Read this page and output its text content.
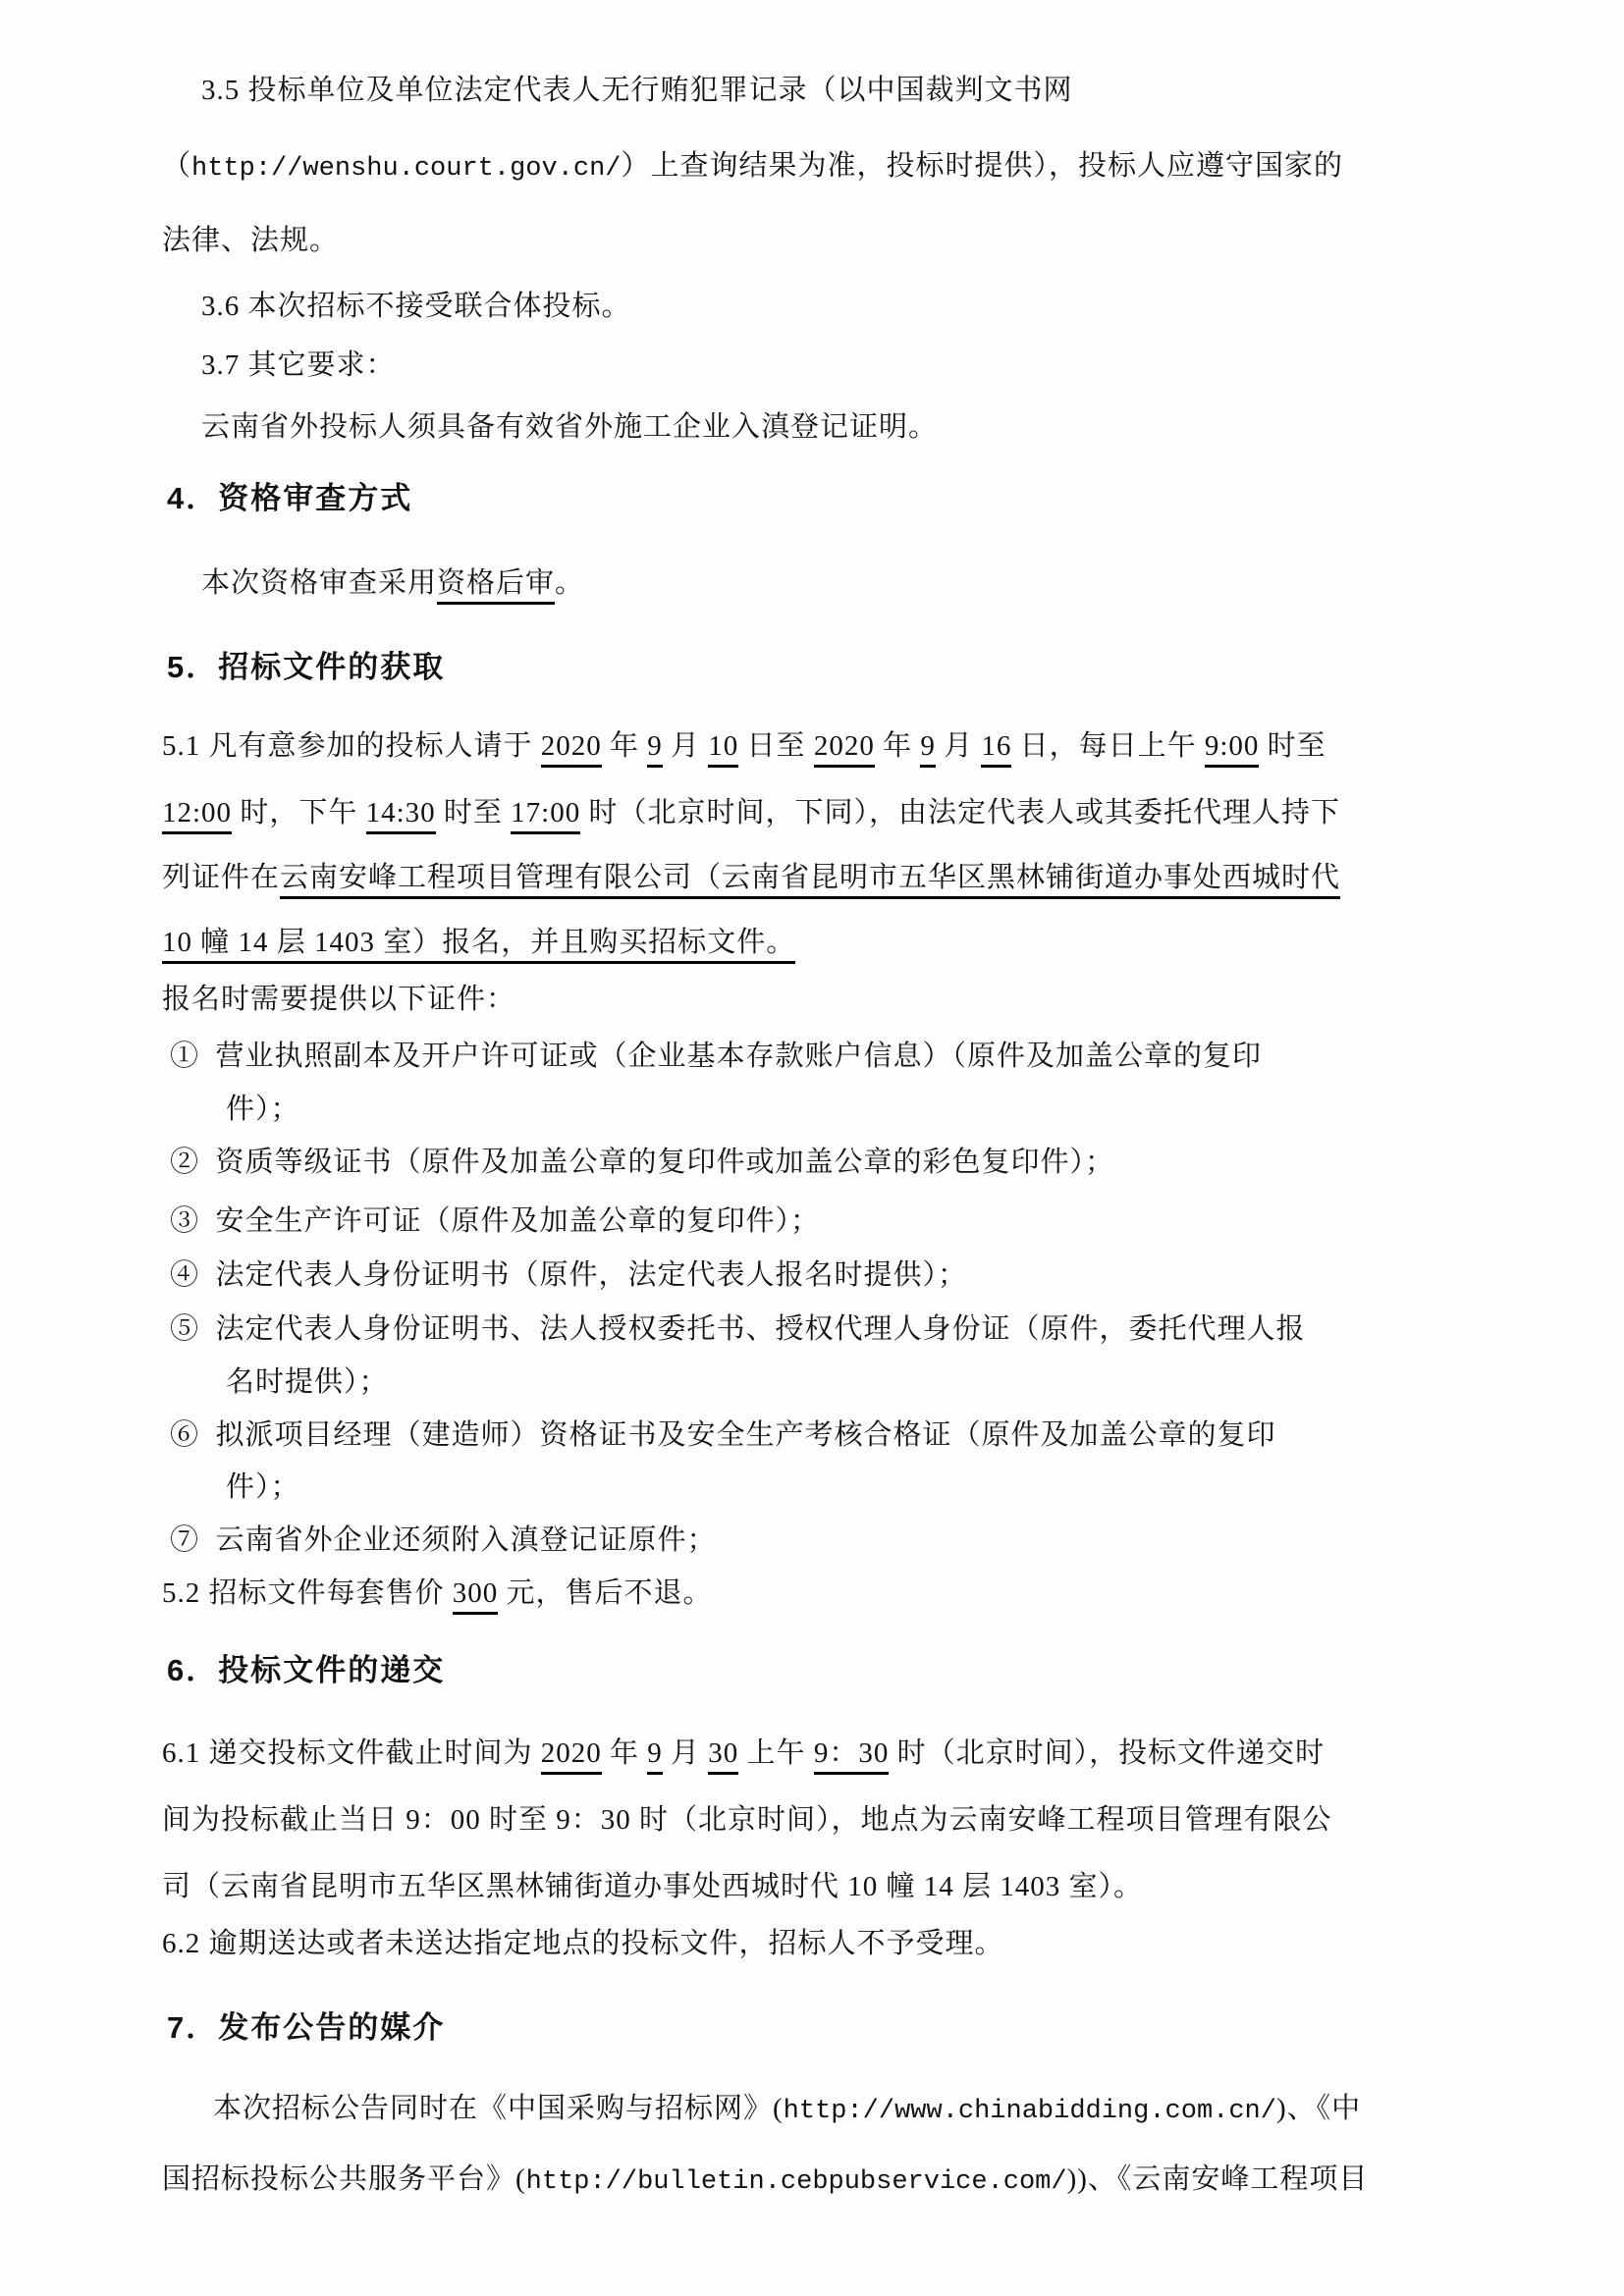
3.5 投标单位及单位法定代表人无行贿犯罪记录（以中国裁判文书网
（http://wenshu.court.gov.cn/）上查询结果为准，投标时提供），投标人应遵守国家的
法律、法规。
3.6 本次招标不接受联合体投标。
3.7 其它要求：
云南省外投标人须具备有效省外施工企业入滇登记证明。
4．资格审查方式
本次资格审查采用资格后审。
5．招标文件的获取
5.1 凡有意参加的投标人请于 2020 年 9 月 10 日至 2020 年 9 月 16 日，每日上午 9:00 时至
12:00 时，下午 14:30 时至 17:00 时（北京时间，下同），由法定代表人或其委托代理人持下
列证件在云南安峰工程项目管理有限公司（云南省昆明市五华区黑林铺街道办事处西城时代
10 幢 14 层 1403 室）报名，并且购买招标文件。
报名时需要提供以下证件：
①  营业执照副本及开户许可证或（企业基本存款账户信息）（原件及加盖公章的复印
件）；
②  资质等级证书（原件及加盖公章的复印件或加盖公章的彩色复印件）；
③  安全生产许可证（原件及加盖公章的复印件）；
④  法定代表人身份证明书（原件，法定代表人报名时提供）；
⑤  法定代表人身份证明书、法人授权委托书、授权代理人身份证（原件，委托代理人报
名时提供）；
⑥  拟派项目经理（建造师）资格证书及安全生产考核合格证（原件及加盖公章的复印
件）；
⑦  云南省外企业还须附入滇登记证原件；
5.2 招标文件每套售价 300 元，售后不退。
6．投标文件的递交
6.1 递交投标文件截止时间为 2020 年 9 月 30 上午 9：30 时（北京时间），投标文件递交时
间为投标截止当日 9：00 时至 9：30 时（北京时间），地点为云南安峰工程项目管理有限公
司（云南省昆明市五华区黑林铺街道办事处西城时代 10 幢 14 层 1403 室）。
6.2 逾期送达或者未送达指定地点的投标文件，招标人不予受理。
7．发布公告的媒介
本次招标公告同时在《中国采购与招标网》(http://www.chinabidding.com.cn/)、《中
国招标投标公共服务平台》(http://bulletin.cebpubservice.com/))、《云南安峰工程项目
